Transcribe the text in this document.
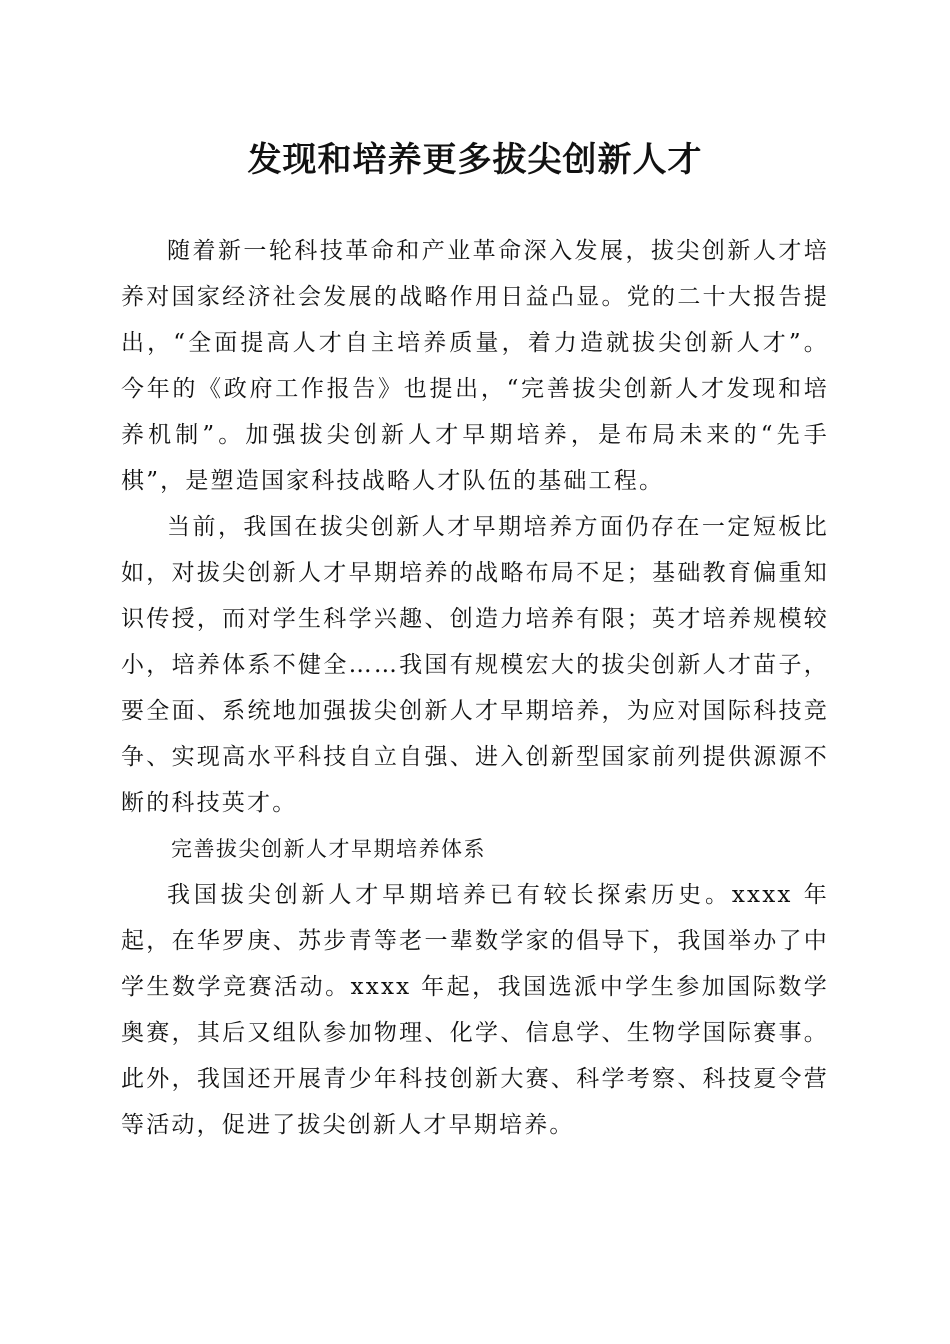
发现和培养更多拔尖创新人才

随着新一轮科技革命和产业革命深入发展，拔尖创新人才培养对国家经济社会发展的战略作用日益凸显。党的二十大报告提出，“全面提高人才自主培养质量，着力造就拔尖创新人才”。今年的《政府工作报告》也提出，“完善拔尖创新人才发现和培养机制”。加强拔尖创新人才早期培养，是布局未来的“先手棋”，是塑造国家科技战略人才队伍的基础工程。

当前，我国在拔尖创新人才早期培养方面仍存在一定短板比如，对拔尖创新人才早期培养的战略布局不足；基础教育偏重知识传授，而对学生科学兴趣、创造力培养有限；英才培养规模较小，培养体系不健全……我国有规模宏大的拔尖创新人才苗子，要全面、系统地加强拔尖创新人才早期培养，为应对国际科技竞争、实现高水平科技自立自强、进入创新型国家前列提供源源不断的科技英才。

完善拔尖创新人才早期培养体系

我国拔尖创新人才早期培养已有较长探索历史。xxxx 年起，在华罗庚、苏步青等老一辈数学家的倡导下，我国举办了中学生数学竞赛活动。xxxx 年起，我国选派中学生参加国际数学奥赛，其后又组队参加物理、化学、信息学、生物学国际赛事。此外，我国还开展青少年科技创新大赛、科学考察、科技夏令营等活动，促进了拔尖创新人才早期培养。
